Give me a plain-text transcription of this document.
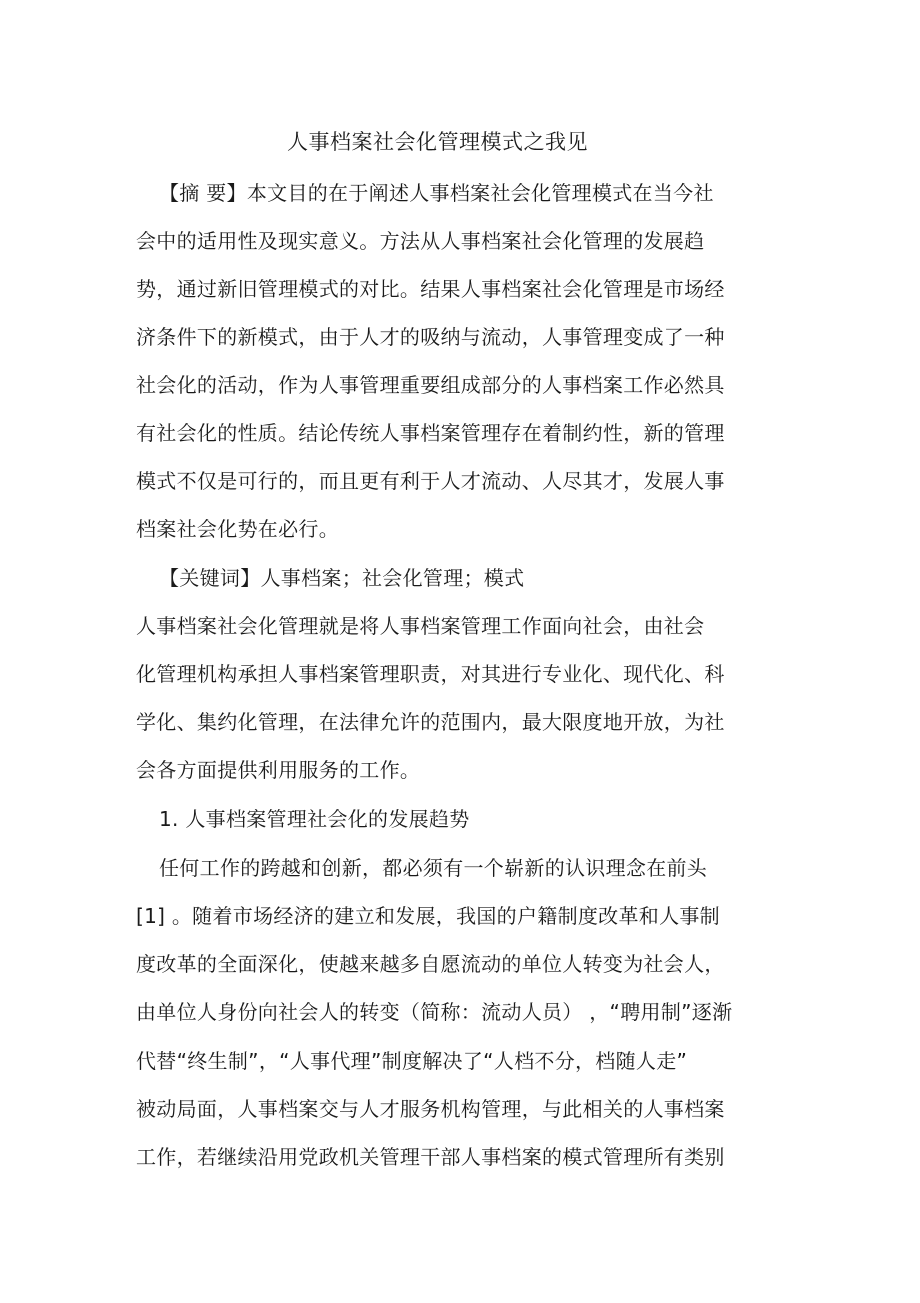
人事档案社会化管理模式之我见
【摘 要】本文目的在于阐述人事档案社会化管理模式在当今社
会中的适用性及现实意义。方法从人事档案社会化管理的发展趋
势，通过新旧管理模式的对比。结果人事档案社会化管理是市场经
济条件下的新模式，由于人才的吸纳与流动，人事管理变成了一种
社会化的活动，作为人事管理重要组成部分的人事档案工作必然具
有社会化的性质。结论传统人事档案管理存在着制约性，新的管理
模式不仅是可行的，而且更有利于人才流动、人尽其才，发展人事
档案社会化势在必行。
【关键词】人事档案；社会化管理；模式
人事档案社会化管理就是将人事档案管理工作面向社会，由社会
化管理机构承担人事档案管理职责，对其进行专业化、现代化、科
学化、集约化管理，在法律允许的范围内，最大限度地开放，为社
会各方面提供利用服务的工作。
1. 人事档案管理社会化的发展趋势
任何工作的跨越和创新，都必须有一个崭新的认识理念在前头
[1] 。随着市场经济的建立和发展，我国的户籍制度改革和人事制
度改革的全面深化，使越来越多自愿流动的单位人转变为社会人，
由单位人身份向社会人的转变（简称：流动人员） ，“聘用制”逐渐
代替“终生制”，“人事代理”制度解决了“人档不分，档随人走”
被动局面，人事档案交与人才服务机构管理，与此相关的人事档案
工作，若继续沿用党政机关管理干部人事档案的模式管理所有类别
